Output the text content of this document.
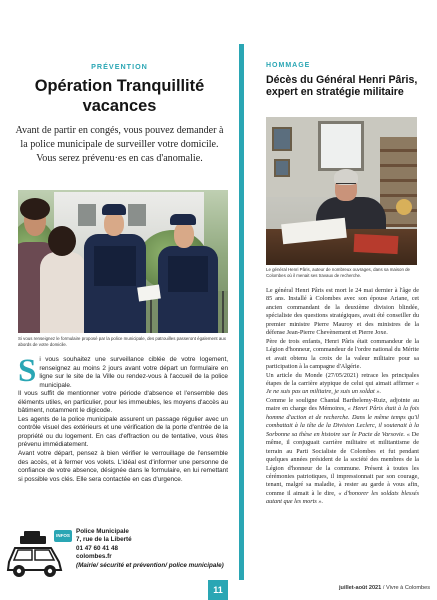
PRÉVENTION
Opération Tranquillité vacances

Avant de partir en congés, vous pouvez demander à la police municipale de surveiller votre domicile. Vous serez prévenu·es en cas d'anomalie.

Si vous renseignez le formulaire proposé par la police municipale, des patrouilles passeront également aux abords de votre domicile.

S i vous souhaitez une surveillance ciblée de votre logement, renseignez au moins 2 jours avant votre départ un formulaire en ligne sur le site de la Ville ou rendez-vous à l'accueil de la police municipale.

Il vous suffit de mentionner votre période d'absence et l'ensemble des éléments utiles, en particulier, pour les immeubles, les moyens d'accès au bâtiment, notamment le digicode.

Les agents de la police municipale assurent un passage régulier avec un contrôle visuel des extérieurs et une vérification de la porte d'entrée de la propriété ou du logement. En cas d'effraction ou de tentative, vous êtes prévenu immédiatement.

Avant votre départ, pensez à bien vérifier le verrouillage de l'ensemble des accès, et à fermer vos volets. L'idéal est d'informer une personne de confiance de votre absence, désignée dans le formulaire, en lui remettant si possible vos clés. Elle sera contactée en cas d'urgence.

INFOS
Police Municipale
7, rue de la Liberté
01 47 60 41 48
colombes.fr
(Mairie/ sécurité et prévention/ police municipale)
HOMMAGE
Décès du Général Henri Pâris, expert en stratégie militaire

Le général Henri Pâris, auteur de nombreux ouvrages, dans sa maison de Colombes où il menait ses travaux de recherche.

Le général Henri Pâris est mort le 24 mai dernier à l'âge de 85 ans. Installé à Colombes avec son épouse Ariane, cet ancien commandant de la deuxième division blindée, spécialiste des questions stratégiques, avait été conseiller du premier ministre Pierre Mauroy et des ministres de la défense Jean-Pierre Chevènement et Pierre Joxe.

Père de trois enfants, Henri Pâris était commandeur de la Légion d'honneur, commandeur de l'ordre national du Mérite et avait obtenu la croix de la valeur militaire pour sa participation à la campagne d'Algérie.

Un article du Monde (27/05/2021) retrace les principales étapes de la carrière atypique de celui qui aimait affirmer « Je ne suis pas un militaire, je suis un soldat ».

Comme le souligne Chantal Barthelemy-Ruiz, adjointe au maire en charge des Mémoires, « Henri Pâris était à la fois homme d'action et de recherche. Dans le même temps qu'il combattait à la tête de la Division Leclerc, il soutenait à la Sorbonne sa thèse en histoire sur le Pacte de Varsovie. « De même, il conjuguait carrière militaire et militantisme de terrain au Parti Socialiste de Colombes et fut pendant quelques années président de la société des membres de la Légion d'honneur de la commune. Présent à toutes les cérémonies patriotiques, il impressionnait par son courage, tenant, malgré sa maladie, à rester au garde à vous afin, comme il aimait à le dire, « d'honorer les soldats blessés autant que les morts ».

11	juillet-août 2021 / Vivre à Colombes
